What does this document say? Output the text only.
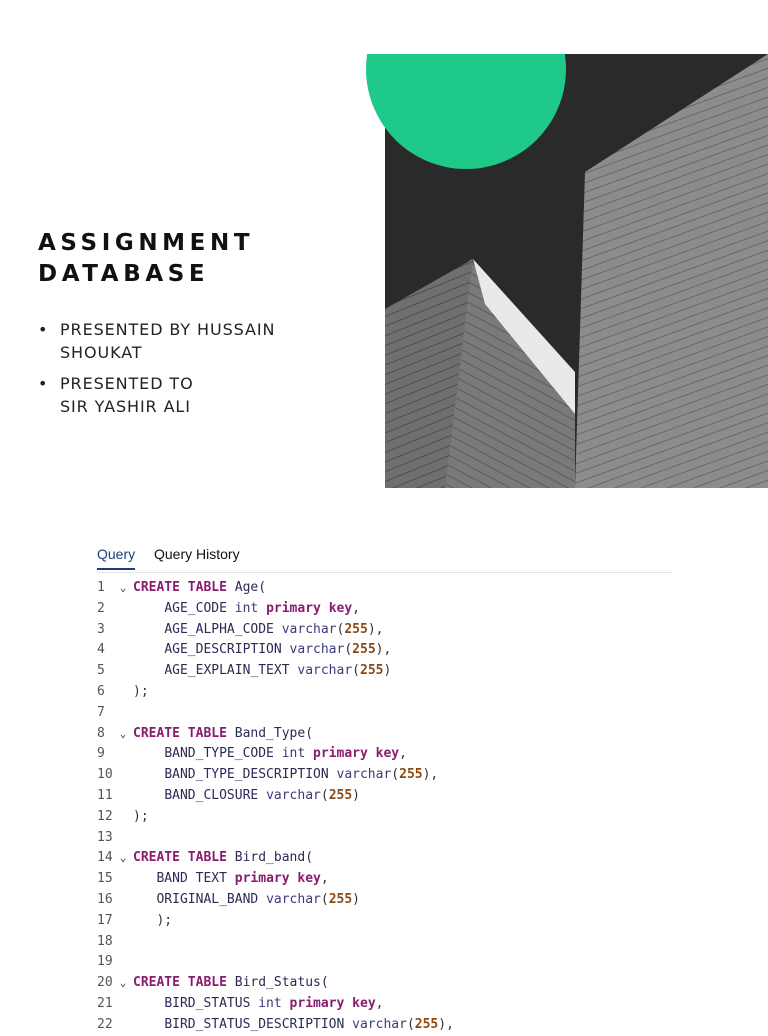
ASSIGNMENT
DATABASE
• PRESENTED BY HUSSAIN
SHOUKAT
• PRESENTED TO
SIR YASHIR ALI
Query Query History
1 ⌄ CREATE TABLE Age(
2	AGE_CODE int primary key,
3	AGE_ALPHA_CODE varchar(255),
4	AGE_DESCRIPTION varchar(255),
5	AGE_EXPLAIN_TEXT varchar(255)
6 );
7
8 ⌄ CREATE TABLE Band_Type(
9	BAND_TYPE_CODE int primary key,
10	BAND_TYPE_DESCRIPTION varchar(255),
11	BAND_CLOSURE varchar(255)
12 );
13
14 ⌄ CREATE TABLE Bird_band(
15	BAND TEXT primary key,
16	ORIGINAL_BAND varchar(255)
17	);
18
19
20 ⌄ CREATE TABLE Bird_Status(
21	BIRD_STATUS int primary key,
22	BIRD_STATUS_DESCRIPTION varchar(255),
